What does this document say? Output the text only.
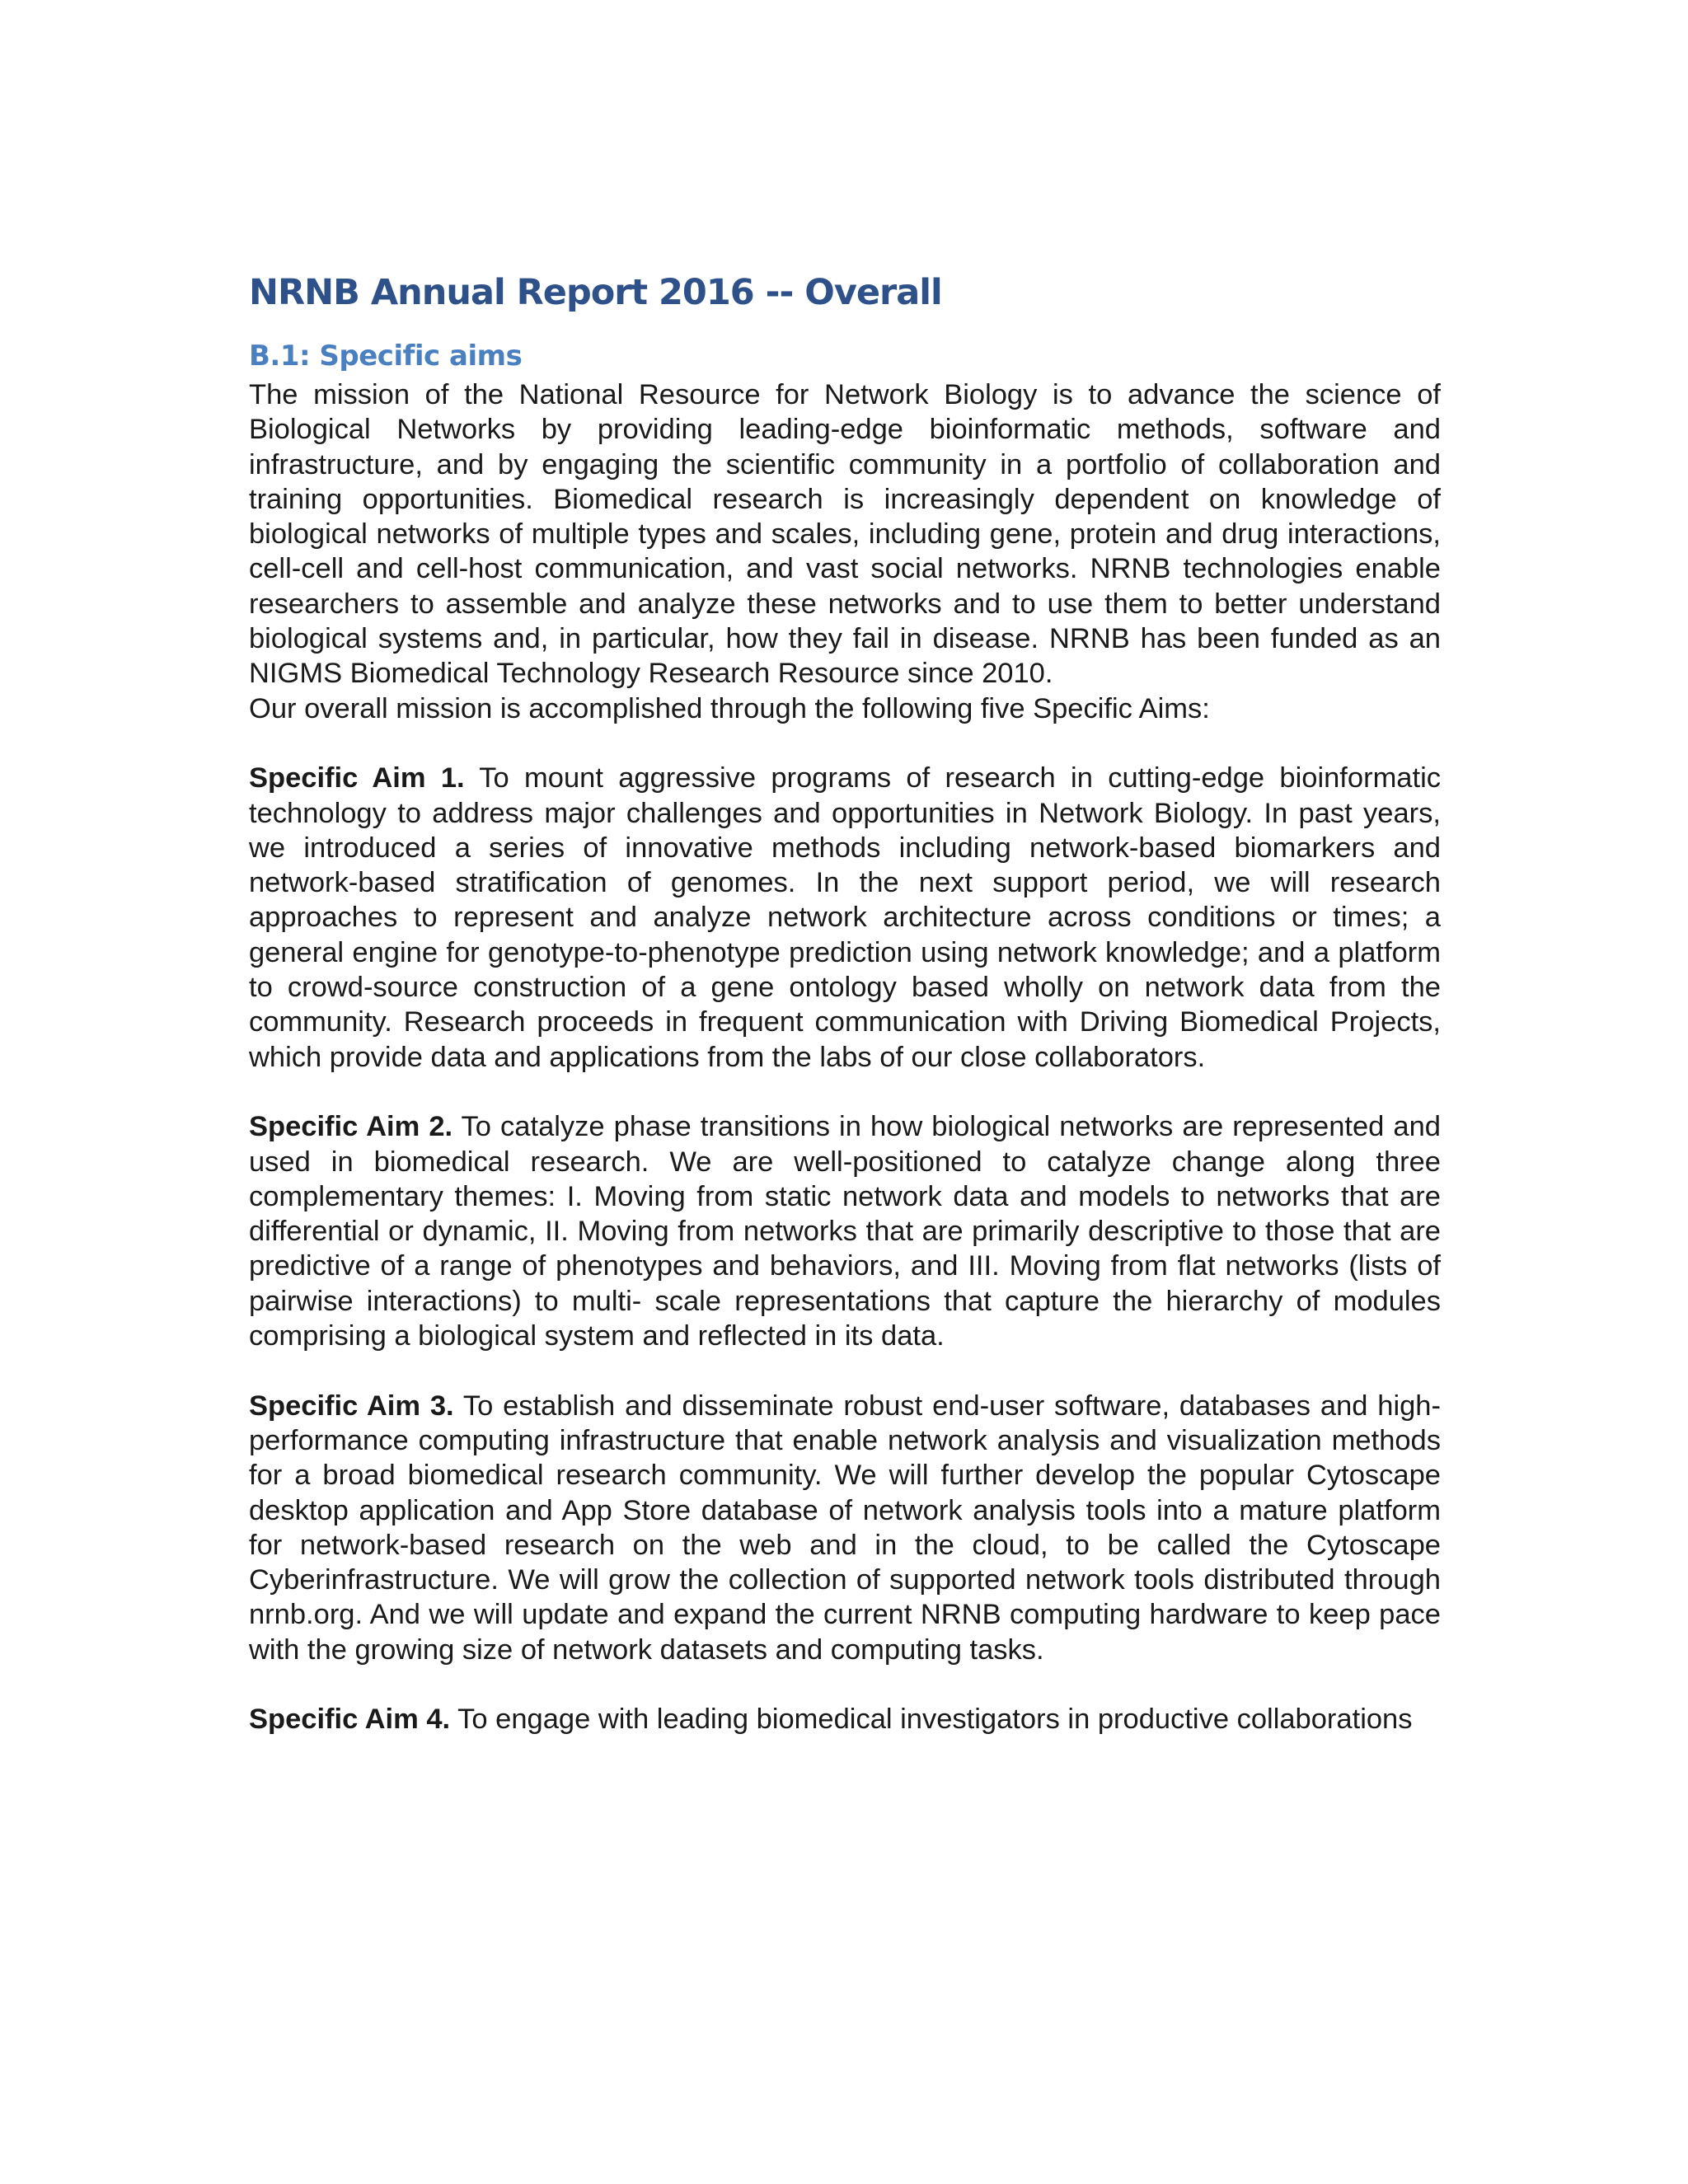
NRNB Annual Report 2016 -- Overall
B.1: Specific aims

The mission of the National Resource for Network Biology is to advance the science of Biological Networks by providing leading-edge bioinformatic methods, software and infrastructure, and by engaging the scientific community in a portfolio of collaboration and training opportunities. Biomedical research is increasingly dependent on knowledge of biological networks of multiple types and scales, including gene, protein and drug interactions, cell-cell and cell-host communication, and vast social networks. NRNB technologies enable researchers to assemble and analyze these networks and to use them to better understand biological systems and, in particular, how they fail in disease. NRNB has been funded as an NIGMS Biomedical Technology Research Resource since 2010.

Our overall mission is accomplished through the following five Specific Aims:

Specific Aim 1. To mount aggressive programs of research in cutting-edge bioinformatic technology to address major challenges and opportunities in Network Biology. In past years, we introduced a series of innovative methods including network-based biomarkers and network-based stratification of genomes. In the next support period, we will research approaches to represent and analyze network architecture across conditions or times; a general engine for genotype-to-phenotype prediction using network knowledge; and a platform to crowd-source construction of a gene ontology based wholly on network data from the community. Research proceeds in frequent communication with Driving Biomedical Projects, which provide data and applications from the labs of our close collaborators.

Specific Aim 2. To catalyze phase transitions in how biological networks are represented and used in biomedical research. We are well-positioned to catalyze change along three complementary themes: I. Moving from static network data and models to networks that are differential or dynamic, II. Moving from networks that are primarily descriptive to those that are predictive of a range of phenotypes and behaviors, and III. Moving from flat networks (lists of pairwise interactions) to multi- scale representations that capture the hierarchy of modules comprising a biological system and reflected in its data.

Specific Aim 3. To establish and disseminate robust end-user software, databases and high- performance computing infrastructure that enable network analysis and visualization methods for a broad biomedical research community. We will further develop the popular Cytoscape desktop application and App Store database of network analysis tools into a mature platform for network-based research on the web and in the cloud, to be called the Cytoscape Cyberinfrastructure. We will grow the collection of supported network tools distributed through nrnb.org. And we will update and expand the current NRNB computing hardware to keep pace with the growing size of network datasets and computing tasks.

Specific Aim 4. To engage with leading biomedical investigators in productive collaborations
